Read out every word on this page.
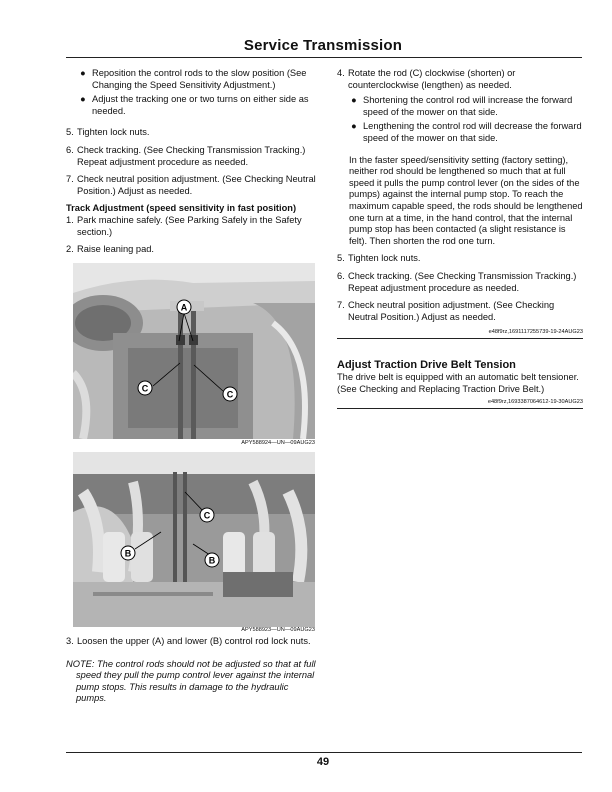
Service Transmission
● Reposition the control rods to the slow position (See Changing the Speed Sensitivity Adjustment.)

● Adjust the tracking one or two turns on either side as needed.

5. Tighten lock nuts.

6. Check tracking. (See Checking Transmission Tracking.) Repeat adjustment procedure as needed.

7. Check neutral position adjustment. (See Checking Neutral Position.) Adjust as needed.

Track Adjustment (speed sensitivity in fast position)

1. Park machine safely. (See Parking Safely in the Safety section.)

2. Raise leaning pad.

A
C
C
APY588924—UN—09AUG23
C
B
B
APY588923—UN—09AUG23
3. Loosen the upper (A) and lower (B) control rod lock nuts.

NOTE: The control rods should not be adjusted so that at full speed they pull the pump control lever against the internal pump stops. This results in damage to the hydraulic pumps.

4. Rotate the rod (C) clockwise (shorten) or counterclockwise (lengthen) as needed.

● Shortening the control rod will increase the forward speed of the mower on that side.

● Lengthening the control rod will decrease the forward speed of the mower on that side.

In the faster speed/sensitivity setting (factory setting), neither rod should be lengthened so much that at full speed it pulls the pump control lever (on the sides of the pumps) against the internal pump stop. To reach the maximum capable speed, the rods should be lengthened one turn at a time, in the hand control, that the internal pump stop has been contacted (a slight resistance is felt). Then shorten the rod one turn.

5. Tighten lock nuts.

6. Check tracking. (See Checking Transmission Tracking.) Repeat adjustment procedure as needed.

7. Check neutral position adjustment. (See Checking Neutral Position.) Adjust as needed.

e48f9rz,1691117255739-19-24AUG23

Adjust Traction Drive Belt Tension

The drive belt is equipped with an automatic belt tensioner. (See Checking and Replacing Traction Drive Belt.)

e48f9rz,1693387064612-19-30AUG23
49
